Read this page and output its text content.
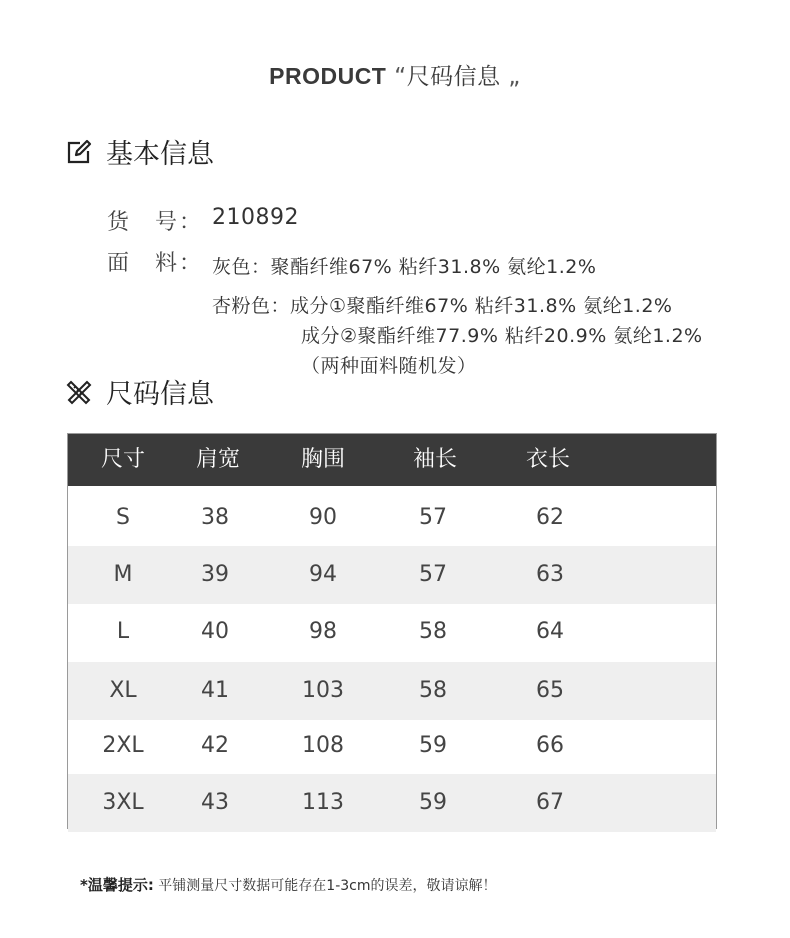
PRODUCT “尺码信息 „
基本信息
货　号： 210892
面　料： 灰色：聚酯纤维67% 粘纤31.8% 氨纶1.2%
杏粉色：成分①聚酯纤维67% 粘纤31.8% 氨纶1.2%
成分②聚酯纤维77.9% 粘纤20.9% 氨纶1.2%
（两种面料随机发）
尺码信息
尺寸	肩宽	胸围	袖长	衣长
S	38	90	57	62
M	39	94	57	63
L	40	98	58	64
XL	41	103	58	65
2XL	42	108	59	66
3XL	43	113	59	67
*温馨提示: 平铺测量尺寸数据可能存在1-3cm的误差，敬请谅解！
